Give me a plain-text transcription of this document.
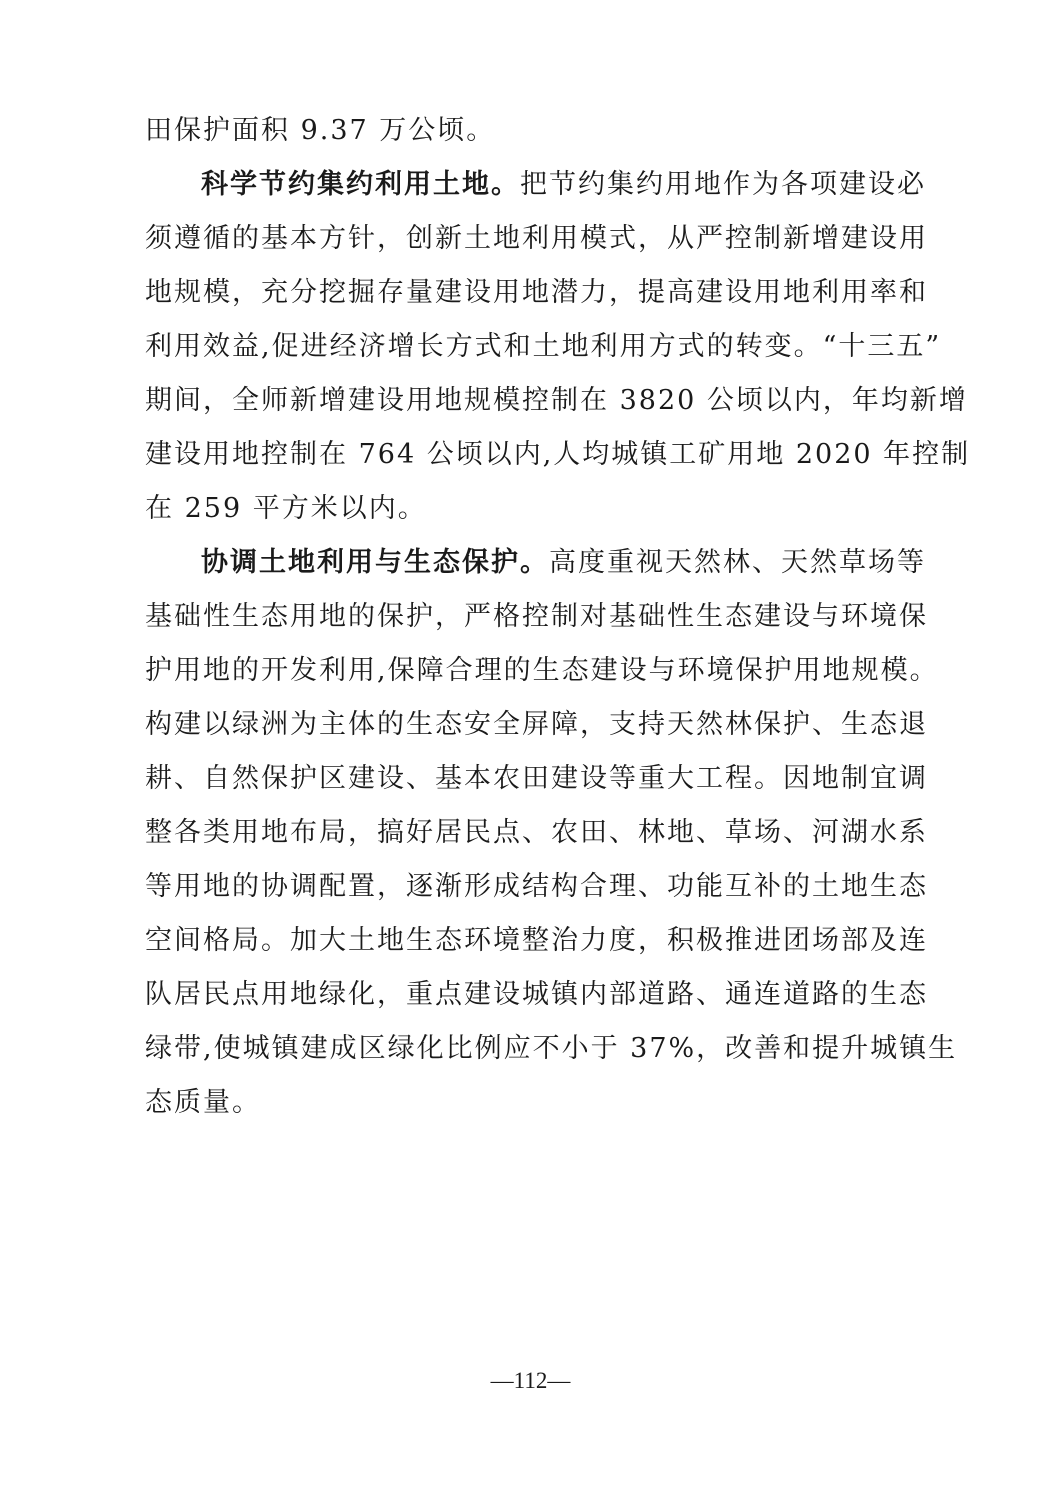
田保护面积 9.37 万公顷。
科学节约集约利用土地。把节约集约用地作为各项建设必
须遵循的基本方针，创新土地利用模式，从严控制新增建设用
地规模，充分挖掘存量建设用地潜力，提高建设用地利用率和
利用效益,促进经济增长方式和土地利用方式的转变。“十三五”
期间，全师新增建设用地规模控制在 3820 公顷以内，年均新增
建设用地控制在 764 公顷以内,人均城镇工矿用地 2020 年控制
在 259 平方米以内。
协调土地利用与生态保护。高度重视天然林、天然草场等
基础性生态用地的保护，严格控制对基础性生态建设与环境保
护用地的开发利用,保障合理的生态建设与环境保护用地规模。
构建以绿洲为主体的生态安全屏障，支持天然林保护、生态退
耕、自然保护区建设、基本农田建设等重大工程。因地制宜调
整各类用地布局，搞好居民点、农田、林地、草场、河湖水系
等用地的协调配置，逐渐形成结构合理、功能互补的土地生态
空间格局。加大土地生态环境整治力度，积极推进团场部及连
队居民点用地绿化，重点建设城镇内部道路、通连道路的生态
绿带,使城镇建成区绿化比例应不小于 37%，改善和提升城镇生
态质量。
—112—
